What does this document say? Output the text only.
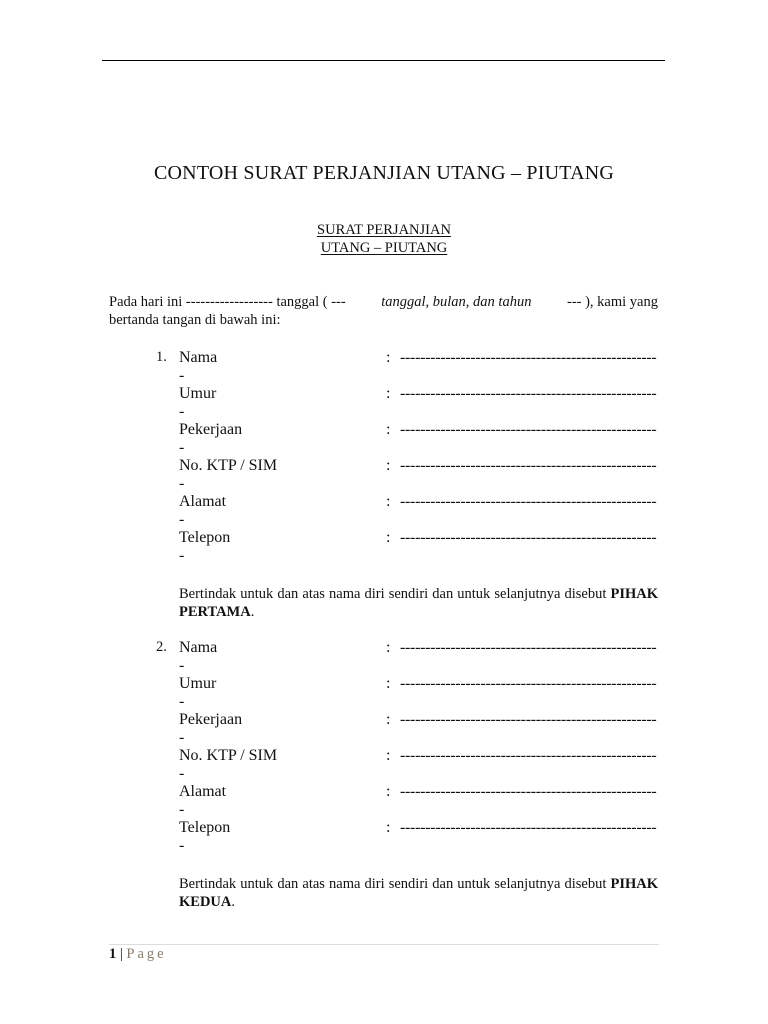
CONTOH SURAT PERJANJIAN UTANG – PIUTANG
SURAT PERJANJIAN
UTANG – PIUTANG
Pada hari ini ------------------ tanggal ( --- tanggal, bulan, dan tahun --- ), kami yang
bertanda tangan di bawah ini:
1. Nama	: ---------------------------------------------------
-
Umur	: ---------------------------------------------------
-
Pekerjaan	: ---------------------------------------------------
-
No. KTP / SIM	: ---------------------------------------------------
-
Alamat	: ---------------------------------------------------
-
Telepon	: ---------------------------------------------------
-
Bertindak untuk dan atas nama diri sendiri dan untuk selanjutnya disebut PIHAK PERTAMA.
2. Nama	: ---------------------------------------------------
-
Umur	: ---------------------------------------------------
-
Pekerjaan	: ---------------------------------------------------
-
No. KTP / SIM	: ---------------------------------------------------
-
Alamat	: ---------------------------------------------------
-
Telepon	: ---------------------------------------------------
-
Bertindak untuk dan atas nama diri sendiri dan untuk selanjutnya disebut PIHAK KEDUA.
1 | Page
